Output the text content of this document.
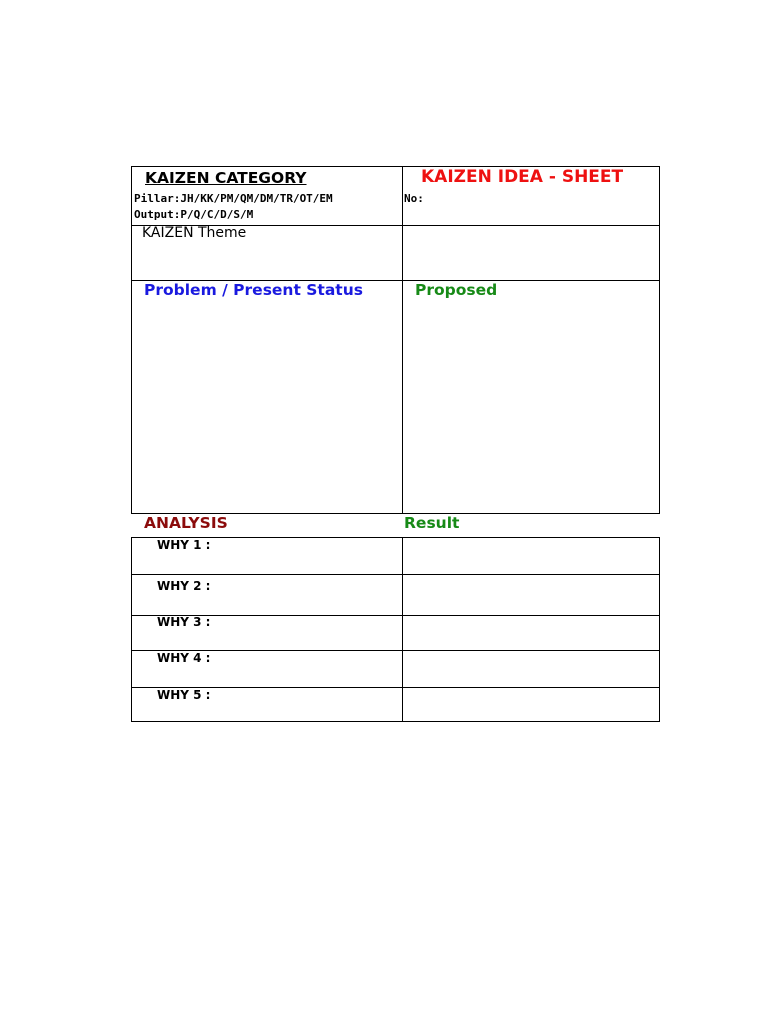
KAIZEN CATEGORY
Pillar:JH/KK/PM/QM/DM/TR/OT/EM
Output:P/Q/C/D/S/M
KAIZEN IDEA - SHEET
No:
KAIZEN Theme
Problem / Present Status	Proposed
ANALYSIS	Result
WHY 1 :
WHY 2 :
WHY 3 :
WHY 4 :
WHY 5 :
